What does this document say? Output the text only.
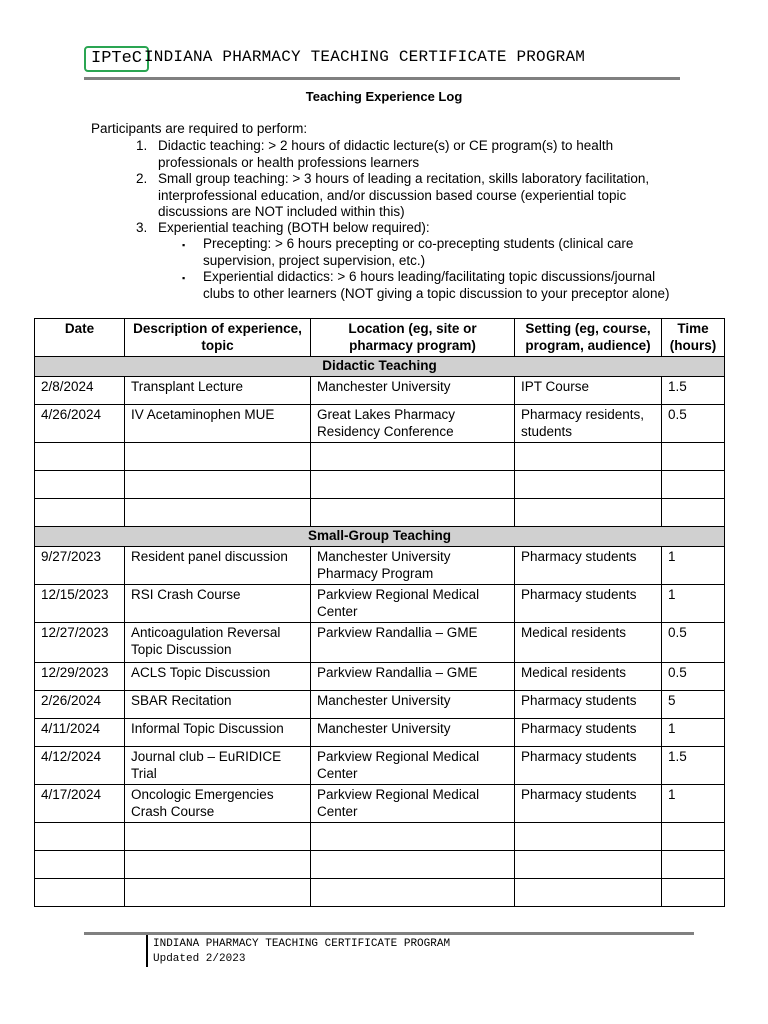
IPTeC INDIANA PHARMACY TEACHING CERTIFICATE PROGRAM
Teaching Experience Log
Participants are required to perform:
1. Didactic teaching: > 2 hours of didactic lecture(s) or CE program(s) to health
professionals or health professions learners
2. Small group teaching: > 3 hours of leading a recitation, skills laboratory facilitation,
interprofessional education, and/or discussion based course (experiential topic
discussions are NOT included within this)
3. Experiential teaching (BOTH below required):
▪ Precepting: > 6 hours precepting or co-precepting students (clinical care
supervision, project supervision, etc.)
▪ Experiential didactics: > 6 hours leading/facilitating topic discussions/journal
clubs to other learners (NOT giving a topic discussion to your preceptor alone)
Date	Description of experience, topic	Location (eg, site or pharmacy program)	Setting (eg, course, program, audience)	Time (hours)
Didactic Teaching				
2/8/2024	Transplant Lecture	Manchester University	IPT Course	1.5
4/26/2024	IV Acetaminophen MUE	Great Lakes Pharmacy Residency Conference	Pharmacy residents, students	0.5

Small-Group Teaching				
9/27/2023	Resident panel discussion	Manchester University Pharmacy Program	Pharmacy students	1
12/15/2023	RSI Crash Course	Parkview Regional Medical Center	Pharmacy students	1
12/27/2023	Anticoagulation Reversal Topic Discussion	Parkview Randallia – GME	Medical residents	0.5
12/29/2023	ACLS Topic Discussion	Parkview Randallia – GME	Medical residents	0.5
2/26/2024	SBAR Recitation	Manchester University	Pharmacy students	5
4/11/2024	Informal Topic Discussion	Manchester University	Pharmacy students	1
4/12/2024	Journal club – EuRIDICE Trial	Parkview Regional Medical Center	Pharmacy students	1.5
4/17/2024	Oncologic Emergencies Crash Course	Parkview Regional Medical Center	Pharmacy students	1

INDIANA PHARMACY TEACHING CERTIFICATE PROGRAM
Updated 2/2023
